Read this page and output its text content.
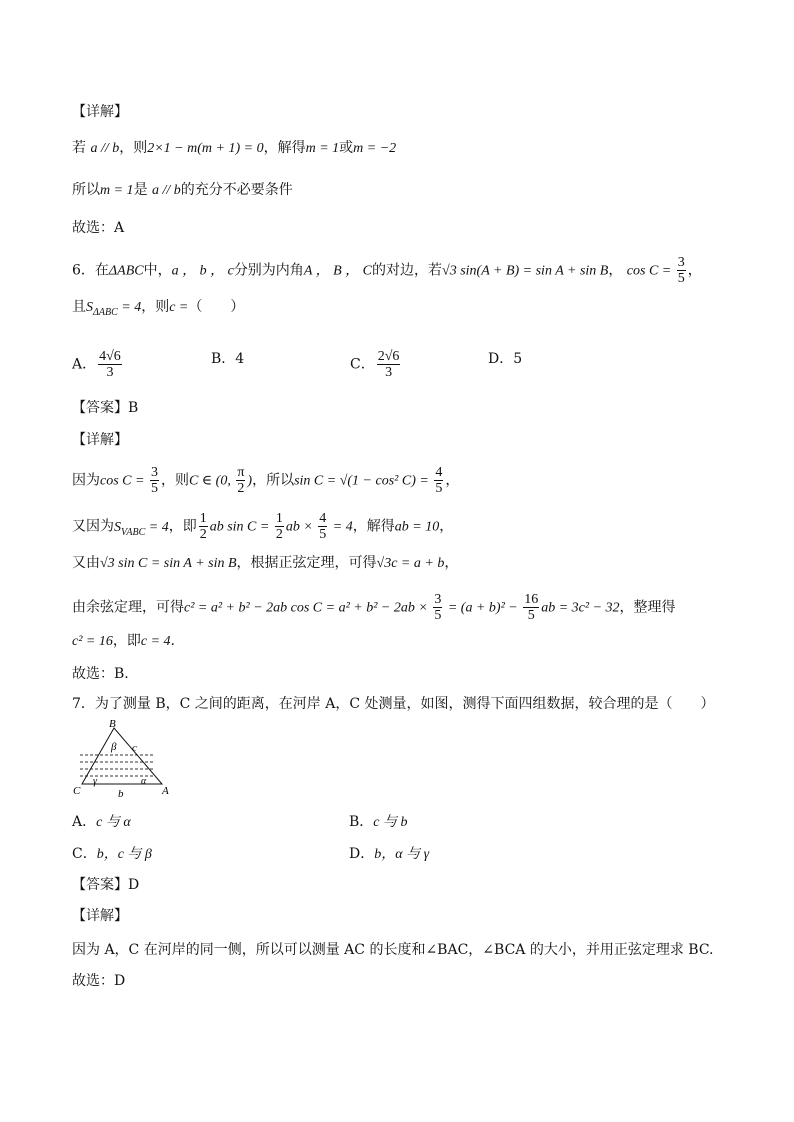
【详解】
若 a // b，则2×1 − m(m + 1) = 0，解得m = 1或m = −2
所以m = 1是 a // b的充分不必要条件
故选：A
6．在ΔABC中，a ， b ， c分别为内角A ， B ， C的对边，若√3 sin(A + B) = sin A + sin B， $\cos C = \frac{3}{5}$ ，
且$S_{\Delta ABC} = 4$，则c =（　　）
A． $\frac{4√6}{3}$	B．4	C． $\frac{2√6}{3}$	D．5
【答案】B
【详解】
因为$\cos C = \frac{3}{5}$ ，则C ∈ (0, $\frac{\pi}{2}$ )，所以sin C = √(1 − cos² $C) = \frac{4}{5}$ ，
又因为$S_{VABC} = 4$，即 $\frac{1}{2}$ ab $\sin C = \frac{1}{2}$ ab × $\frac{4}{5} = 4$，解得ab = 10，
又由√3 sin C = sin A + sin B，根据正弦定理，可得√3c = a + b，
由余弦定理，可得c² = a² + b² − 2ab $\cos C = a^2 + b^2 - 2ab \times \frac{3}{5} = (a + b)^2 - \frac{16}{5}$ ab = 3c² − 32，整理得
c² = 16，即c = 4.
故选：B.
7．为了测量 B，C 之间的距离，在河岸 A，C 处测量，如图，测得下面四组数据，较合理的是（　　）
B
C	A
β
γ	α
c
b
A．c 与 α	B．c 与 b
C．b，c 与 β	D．b，α 与 γ
【答案】D
【详解】
因为 A，C 在河岸的同一侧，所以可以测量 AC 的长度和∠BAC，∠BCA 的大小，并用正弦定理求 BC.
故选：D
